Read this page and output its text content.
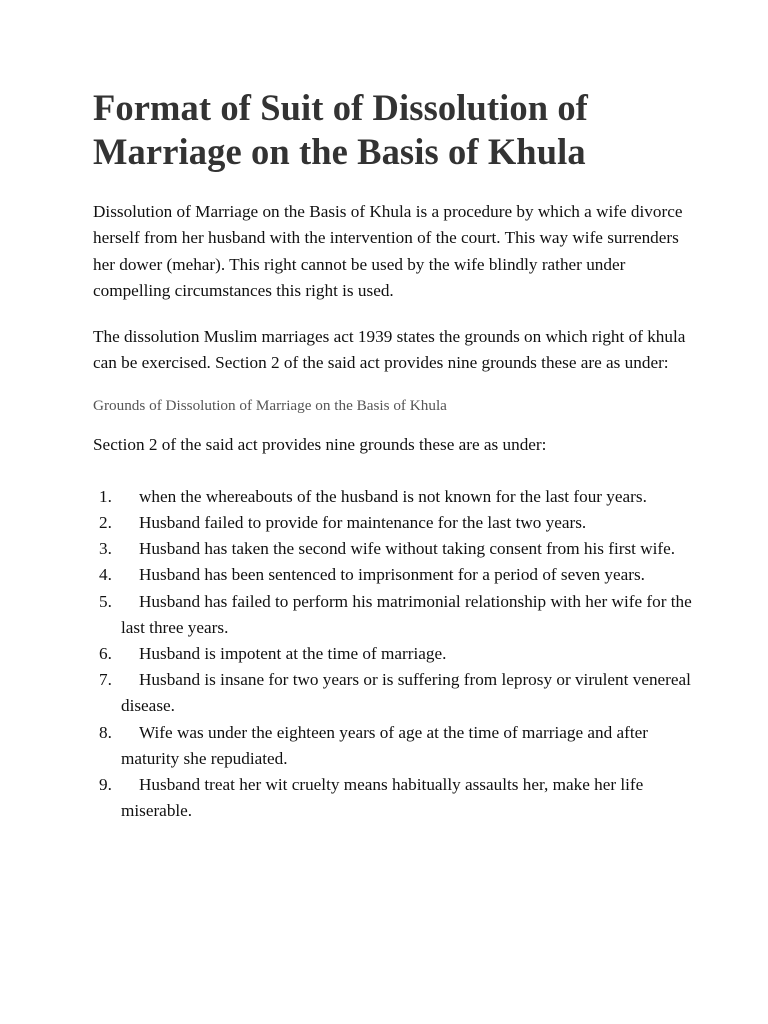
Format of Suit of Dissolution of Marriage on the Basis of Khula

Dissolution of Marriage on the Basis of Khula is a procedure by which a wife divorce herself from her husband with the intervention of the court. This way wife surrenders her dower (mehar). This right cannot be used by the wife blindly rather under compelling circumstances this right is used.

The dissolution Muslim marriages act 1939 states the grounds on which right of khula can be exercised. Section 2 of the said act provides nine grounds these are as under:

Grounds of Dissolution of Marriage on the Basis of Khula

Section 2 of the said act provides nine grounds these are as under:

1.	when the whereabouts of the husband is not known for the last four years.
2.	Husband failed to provide for maintenance for the last two years.
3.	Husband has taken the second wife without taking consent from his first wife.
4.	Husband has been sentenced to imprisonment for a period of seven years.
5.	Husband has failed to perform his matrimonial relationship with her wife for the last three years.
6.	Husband is impotent at the time of marriage.
7.	Husband is insane for two years or is suffering from leprosy or virulent venereal disease.
8.	Wife was under the eighteen years of age at the time of marriage and after maturity she repudiated.
9.	Husband treat her wit cruelty means habitually assaults her, make her life miserable.
